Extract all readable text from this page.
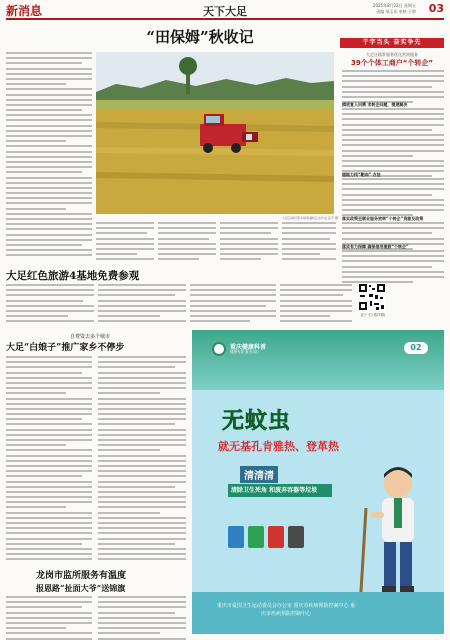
新消息	天下大足	2025年8月22日 星期五
责编 邹玉东 审核 王婷 03
“田保姆”秋收记
大足区稻田里水稻收割机正在作业 张宇 摄
干字当头 奋实争先
大足区精准服务优化营商服务
39个个体工商户“个转企”
摸底复人问需 求转企问题，提速解决
提能力找“靶向” 方法
落实政策至顺业服务效率“个转企”贷款及政策
落实有力保障 确保信用提振“个转企”
大足红色旅游4基地免费参观
(扫一扫 看详情)
自费资去多个城市
大足“白娘子”推广家乡不停步
龙岗市监所服务有温度
报恩路“扯面大爷”送锦旗
重庆健康科普
健康有我 重庆同行	02
无蚊虫
就无基孔肯雅热、登革热
清清清
清除卫生死角 和废弃容器等垃圾
重庆市爱国卫生运动委员会办公室 重庆市疾病预防控制中心 重庆市疾病预防控制中心
